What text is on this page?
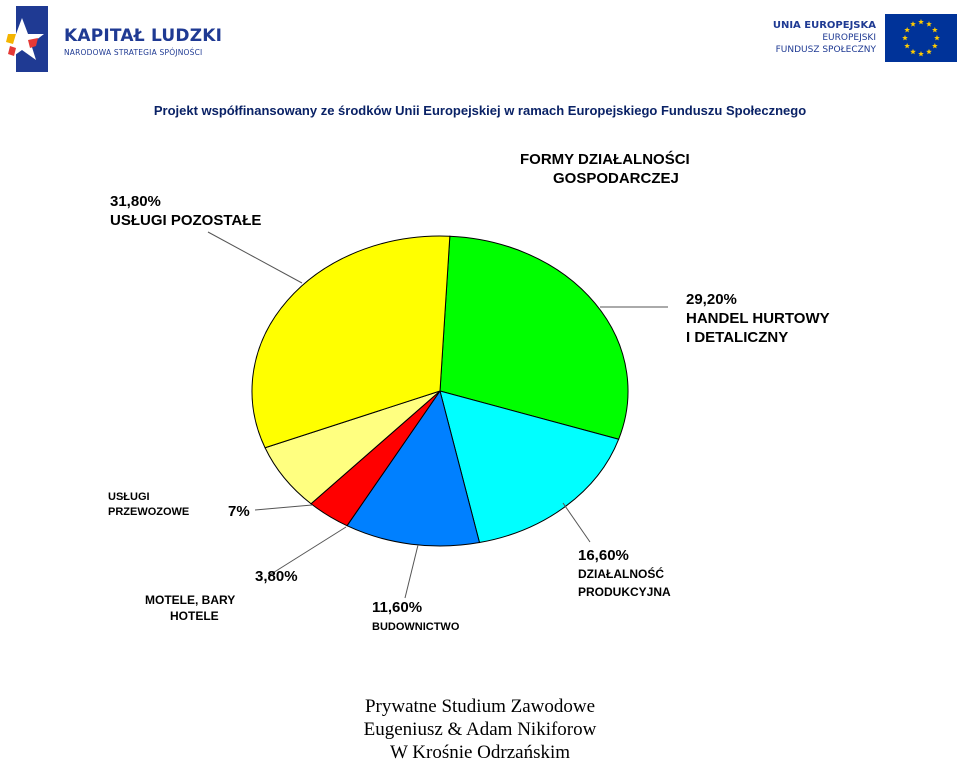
KAPITAŁ LUDZKI
NARODOWA STRATEGIA SPÓJNOŚCI
UNIA EUROPEJSKA
EUROPEJSKI
FUNDUSZ SPOŁECZNY
Projekt współfinansowany ze środków Unii Europejskiej w ramach Europejskiego Funduszu Społecznego
29,20%
HANDEL HURTOWY
I DETALICZNY
16,60%
DZIAŁALNOŚĆ
PRODUKCYJNA
11,60%
BUDOWNICTWO
3,80%
MOTELE, BARY
HOTELE
USŁUGI
PRZEWOZOWE	7%
31,80%
USŁUGI POZOSTAŁE
FORMY DZIAŁALNOŚCI
GOSPODARCZEJ
Prywatne Studium Zawodowe
Eugeniusz & Adam Nikiforow
W Krośnie Odrzańskim
